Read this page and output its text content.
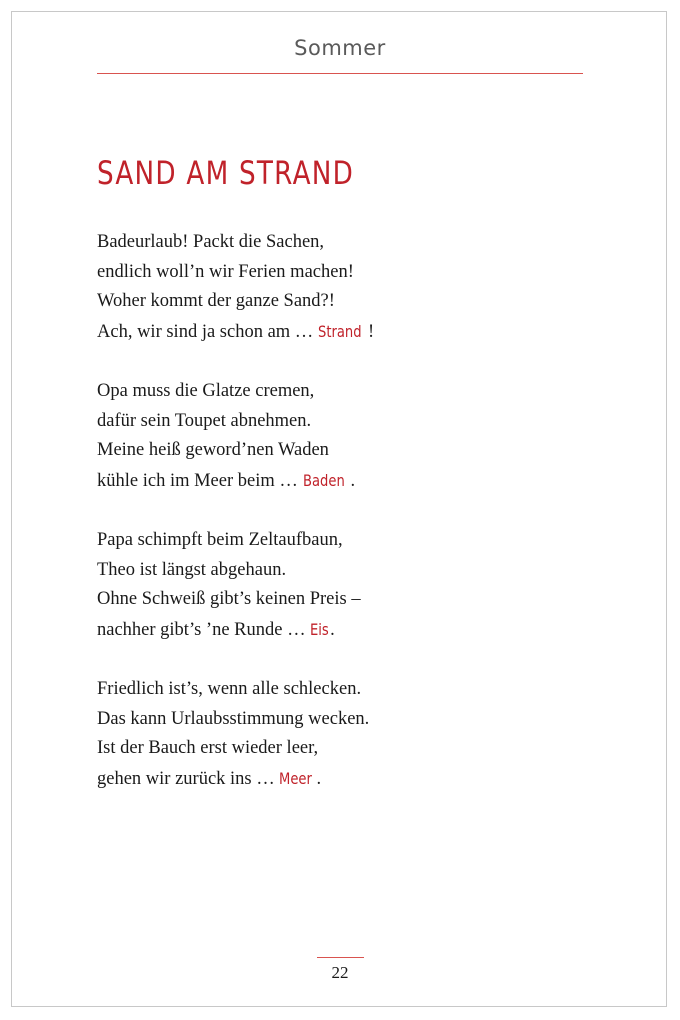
Sommer
SAND AM STRAND
Badeurlaub! Packt die Sachen,
endlich woll’n wir Ferien machen!
Woher kommt der ganze Sand?!
Ach, wir sind ja schon am … Strand !
Opa muss die Glatze cremen,
dafür sein Toupet abnehmen.
Meine heiß geword’nen Waden
kühle ich im Meer beim … Baden .
Papa schimpft beim Zeltaufbaun,
Theo ist längst abgehaun.
Ohne Schweiß gibt’s keinen Preis –
nachher gibt’s ’ne Runde … Eis.
Friedlich ist’s, wenn alle schlecken.
Das kann Urlaubsstimmung wecken.
Ist der Bauch erst wieder leer,
gehen wir zurück ins … Meer .
22
